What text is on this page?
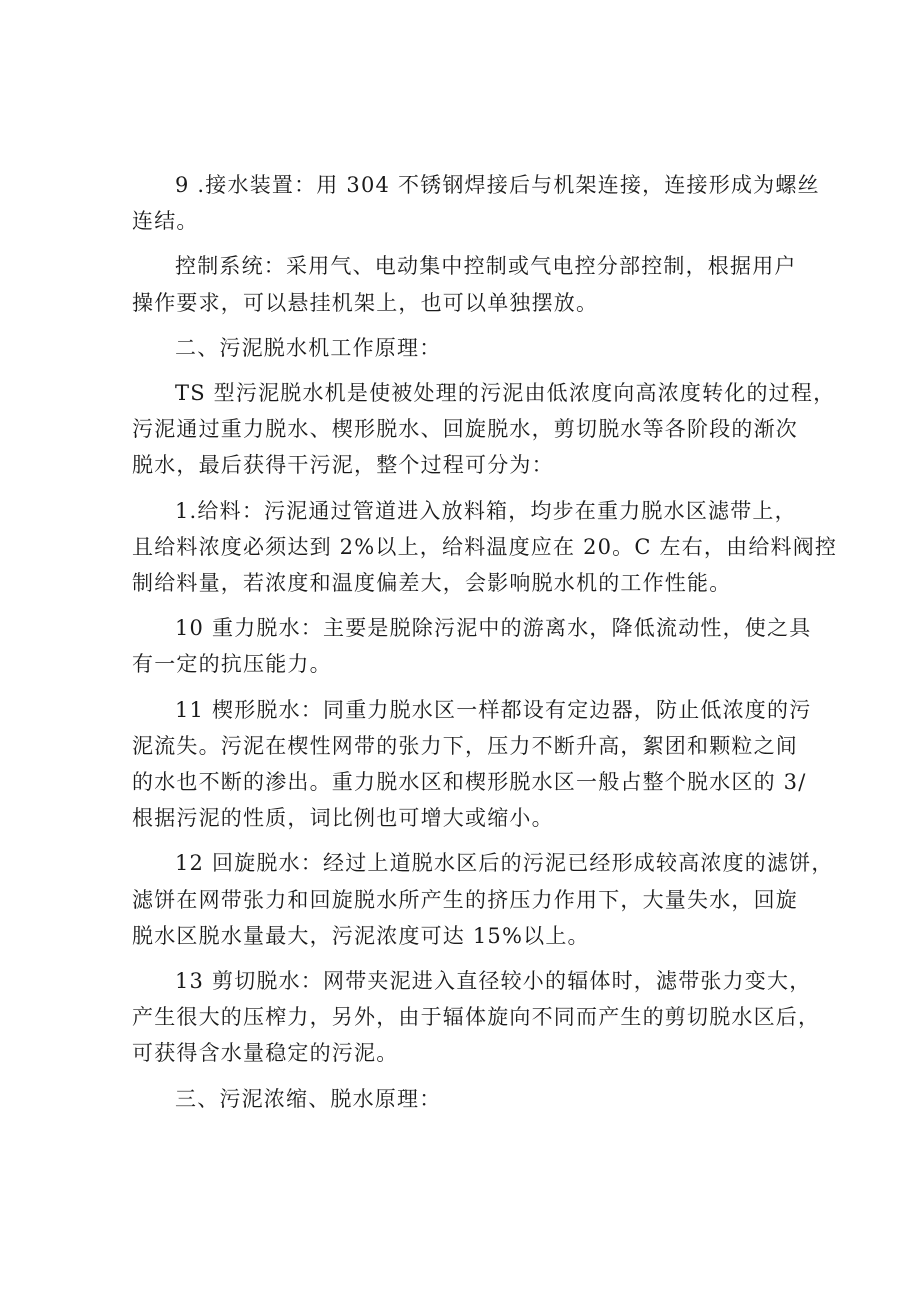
9 .接水装置：用 304 不锈钢焊接后与机架连接，连接形成为螺丝
连结。

控制系统：采用气、电动集中控制或气电控分部控制，根据用户
操作要求，可以悬挂机架上，也可以单独摆放。

二、污泥脱水机工作原理：

TS 型污泥脱水机是使被处理的污泥由低浓度向高浓度转化的过程，
污泥通过重力脱水、楔形脱水、回旋脱水，剪切脱水等各阶段的渐次
脱水，最后获得干污泥，整个过程可分为：

1.给料：污泥通过管道进入放料箱，均步在重力脱水区滤带上，
且给料浓度必须达到 2%以上，给料温度应在 20。C 左右，由给料阀控
制给料量，若浓度和温度偏差大，会影响脱水机的工作性能。

10 重力脱水：主要是脱除污泥中的游离水，降低流动性，使之具
有一定的抗压能力。

11 楔形脱水：同重力脱水区一样都设有定边器，防止低浓度的污
泥流失。污泥在楔性网带的张力下，压力不断升高，絮团和颗粒之间
的水也不断的渗出。重力脱水区和楔形脱水区一般占整个脱水区的 3/
根据污泥的性质，词比例也可增大或缩小。

12 回旋脱水：经过上道脱水区后的污泥已经形成较高浓度的滤饼，
滤饼在网带张力和回旋脱水所产生的挤压力作用下，大量失水，回旋
脱水区脱水量最大，污泥浓度可达 15%以上。

13 剪切脱水：网带夹泥进入直径较小的辐体时，滤带张力变大，
产生很大的压榨力，另外，由于辐体旋向不同而产生的剪切脱水区后，
可获得含水量稳定的污泥。

三、污泥浓缩、脱水原理：
